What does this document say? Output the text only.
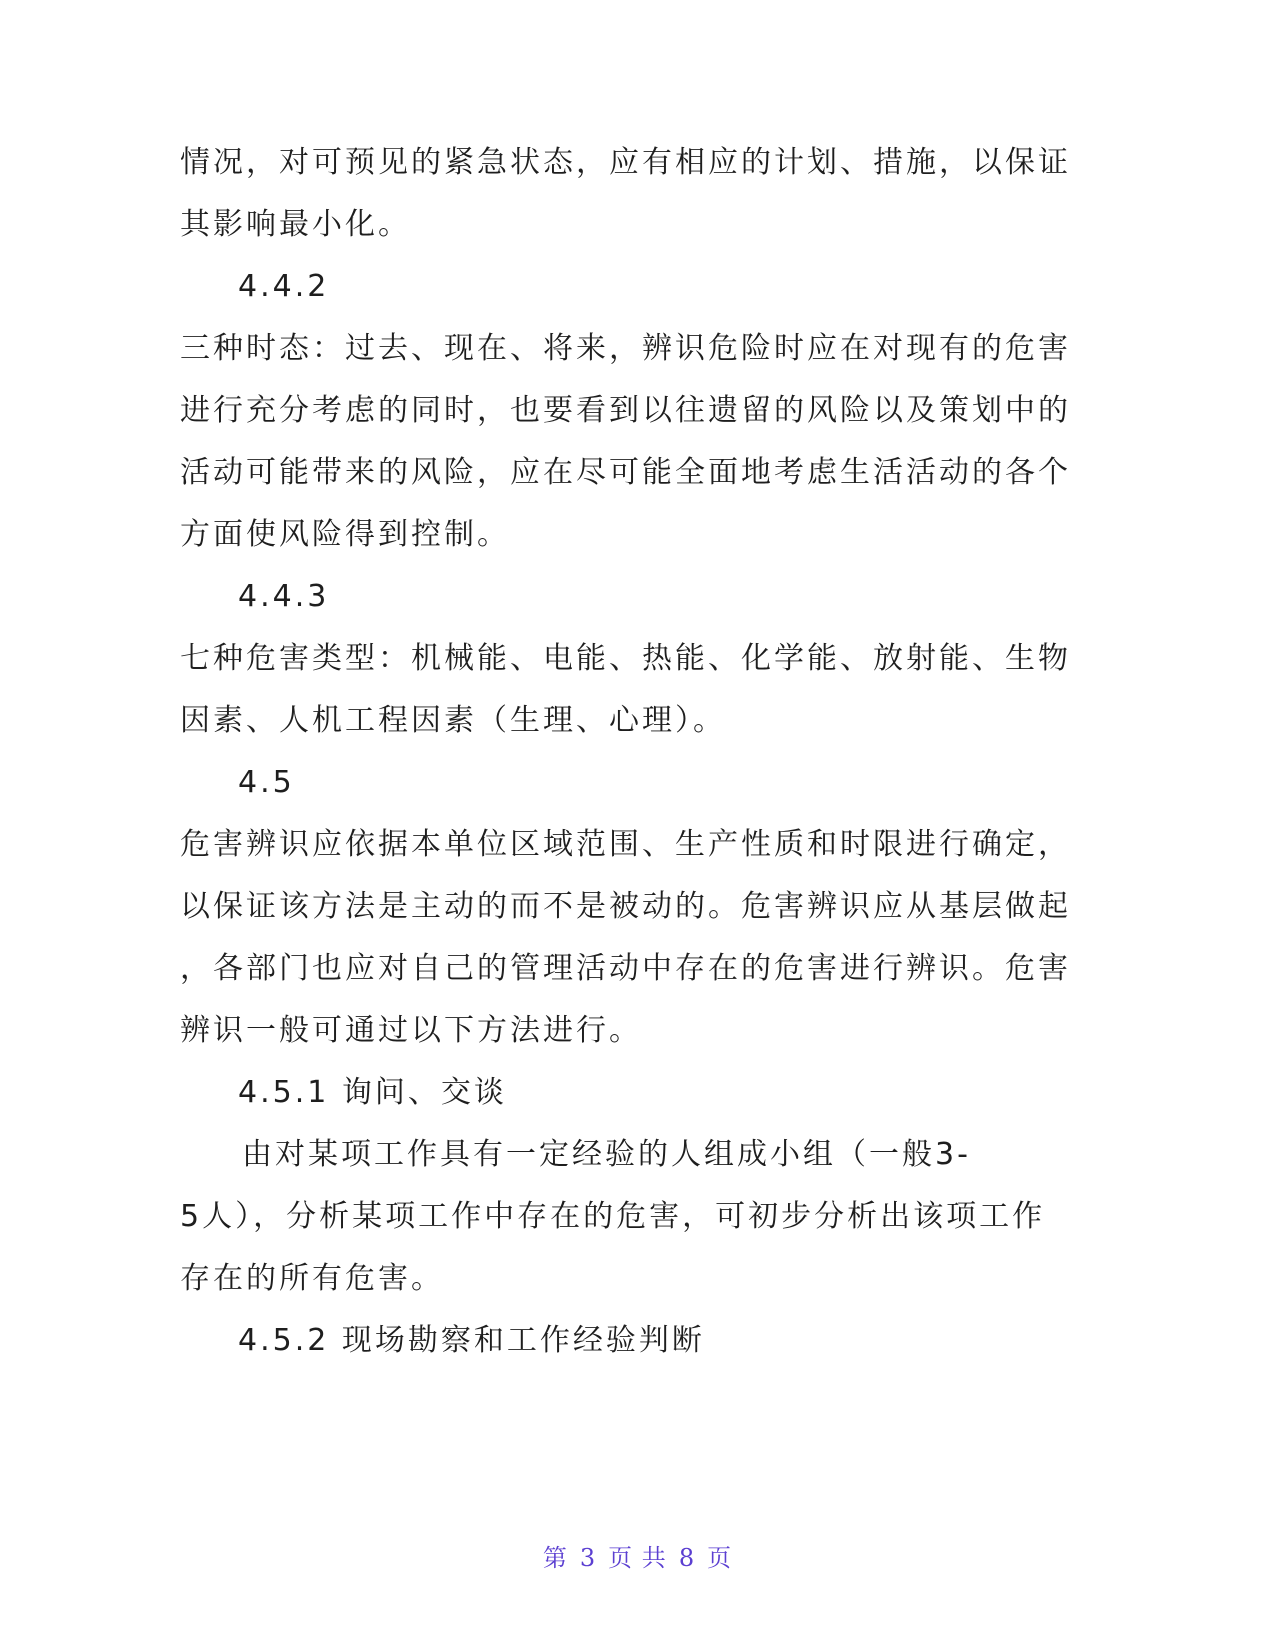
情况，对可预见的紧急状态，应有相应的计划、措施，以保证
其影响最小化。
4.4.2
三种时态：过去、现在、将来，辨识危险时应在对现有的危害
进行充分考虑的同时，也要看到以往遗留的风险以及策划中的
活动可能带来的风险，应在尽可能全面地考虑生活活动的各个
方面使风险得到控制。
4.4.3
七种危害类型：机械能、电能、热能、化学能、放射能、生物
因素、人机工程因素（生理、心理）。
4.5
危害辨识应依据本单位区域范围、生产性质和时限进行确定，
以保证该方法是主动的而不是被动的。危害辨识应从基层做起
，各部门也应对自己的管理活动中存在的危害进行辨识。危害
辨识一般可通过以下方法进行。
4.5.1 询问、交谈
由对某项工作具有一定经验的人组成小组（一般3-
5人），分析某项工作中存在的危害，可初步分析出该项工作
存在的所有危害。
4.5.2 现场勘察和工作经验判断
第 3 页 共 8 页
